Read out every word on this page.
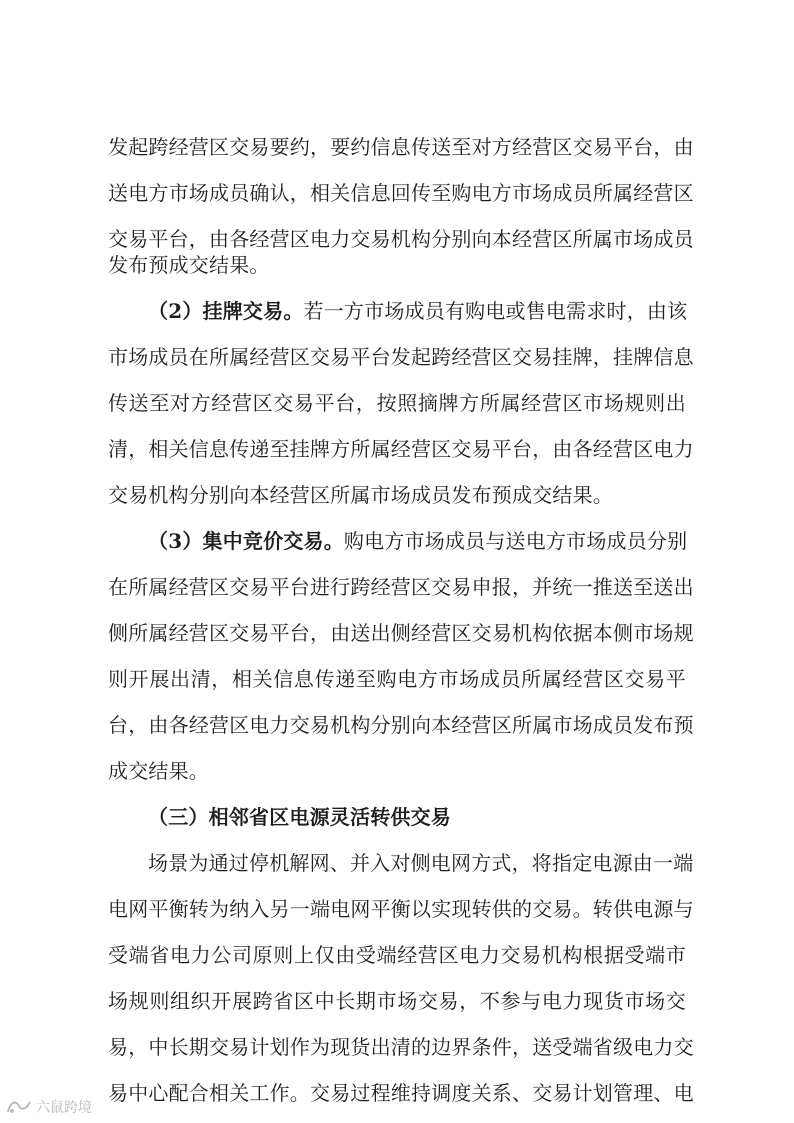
发起跨经营区交易要约，要约信息传送至对方经营区交易平台，由
送电方市场成员确认，相关信息回传至购电方市场成员所属经营区
交易平台，由各经营区电力交易机构分别向本经营区所属市场成员
发布预成交结果。
（2）挂牌交易。若一方市场成员有购电或售电需求时，由该
市场成员在所属经营区交易平台发起跨经营区交易挂牌，挂牌信息
传送至对方经营区交易平台，按照摘牌方所属经营区市场规则出
清，相关信息传递至挂牌方所属经营区交易平台，由各经营区电力
交易机构分别向本经营区所属市场成员发布预成交结果。
（3）集中竞价交易。购电方市场成员与送电方市场成员分别
在所属经营区交易平台进行跨经营区交易申报，并统一推送至送出
侧所属经营区交易平台，由送出侧经营区交易机构依据本侧市场规
则开展出清，相关信息传递至购电方市场成员所属经营区交易平
台，由各经营区电力交易机构分别向本经营区所属市场成员发布预
成交结果。
（三）相邻省区电源灵活转供交易
场景为通过停机解网、并入对侧电网方式，将指定电源由一端
电网平衡转为纳入另一端电网平衡以实现转供的交易。转供电源与
受端省电力公司原则上仅由受端经营区电力交易机构根据受端市
场规则组织开展跨省区中长期市场交易，不参与电力现货市场交
易，中长期交易计划作为现货出清的边界条件，送受端省级电力交
易中心配合相关工作。交易过程维持调度关系、交易计划管理、电
六鼠跨境
